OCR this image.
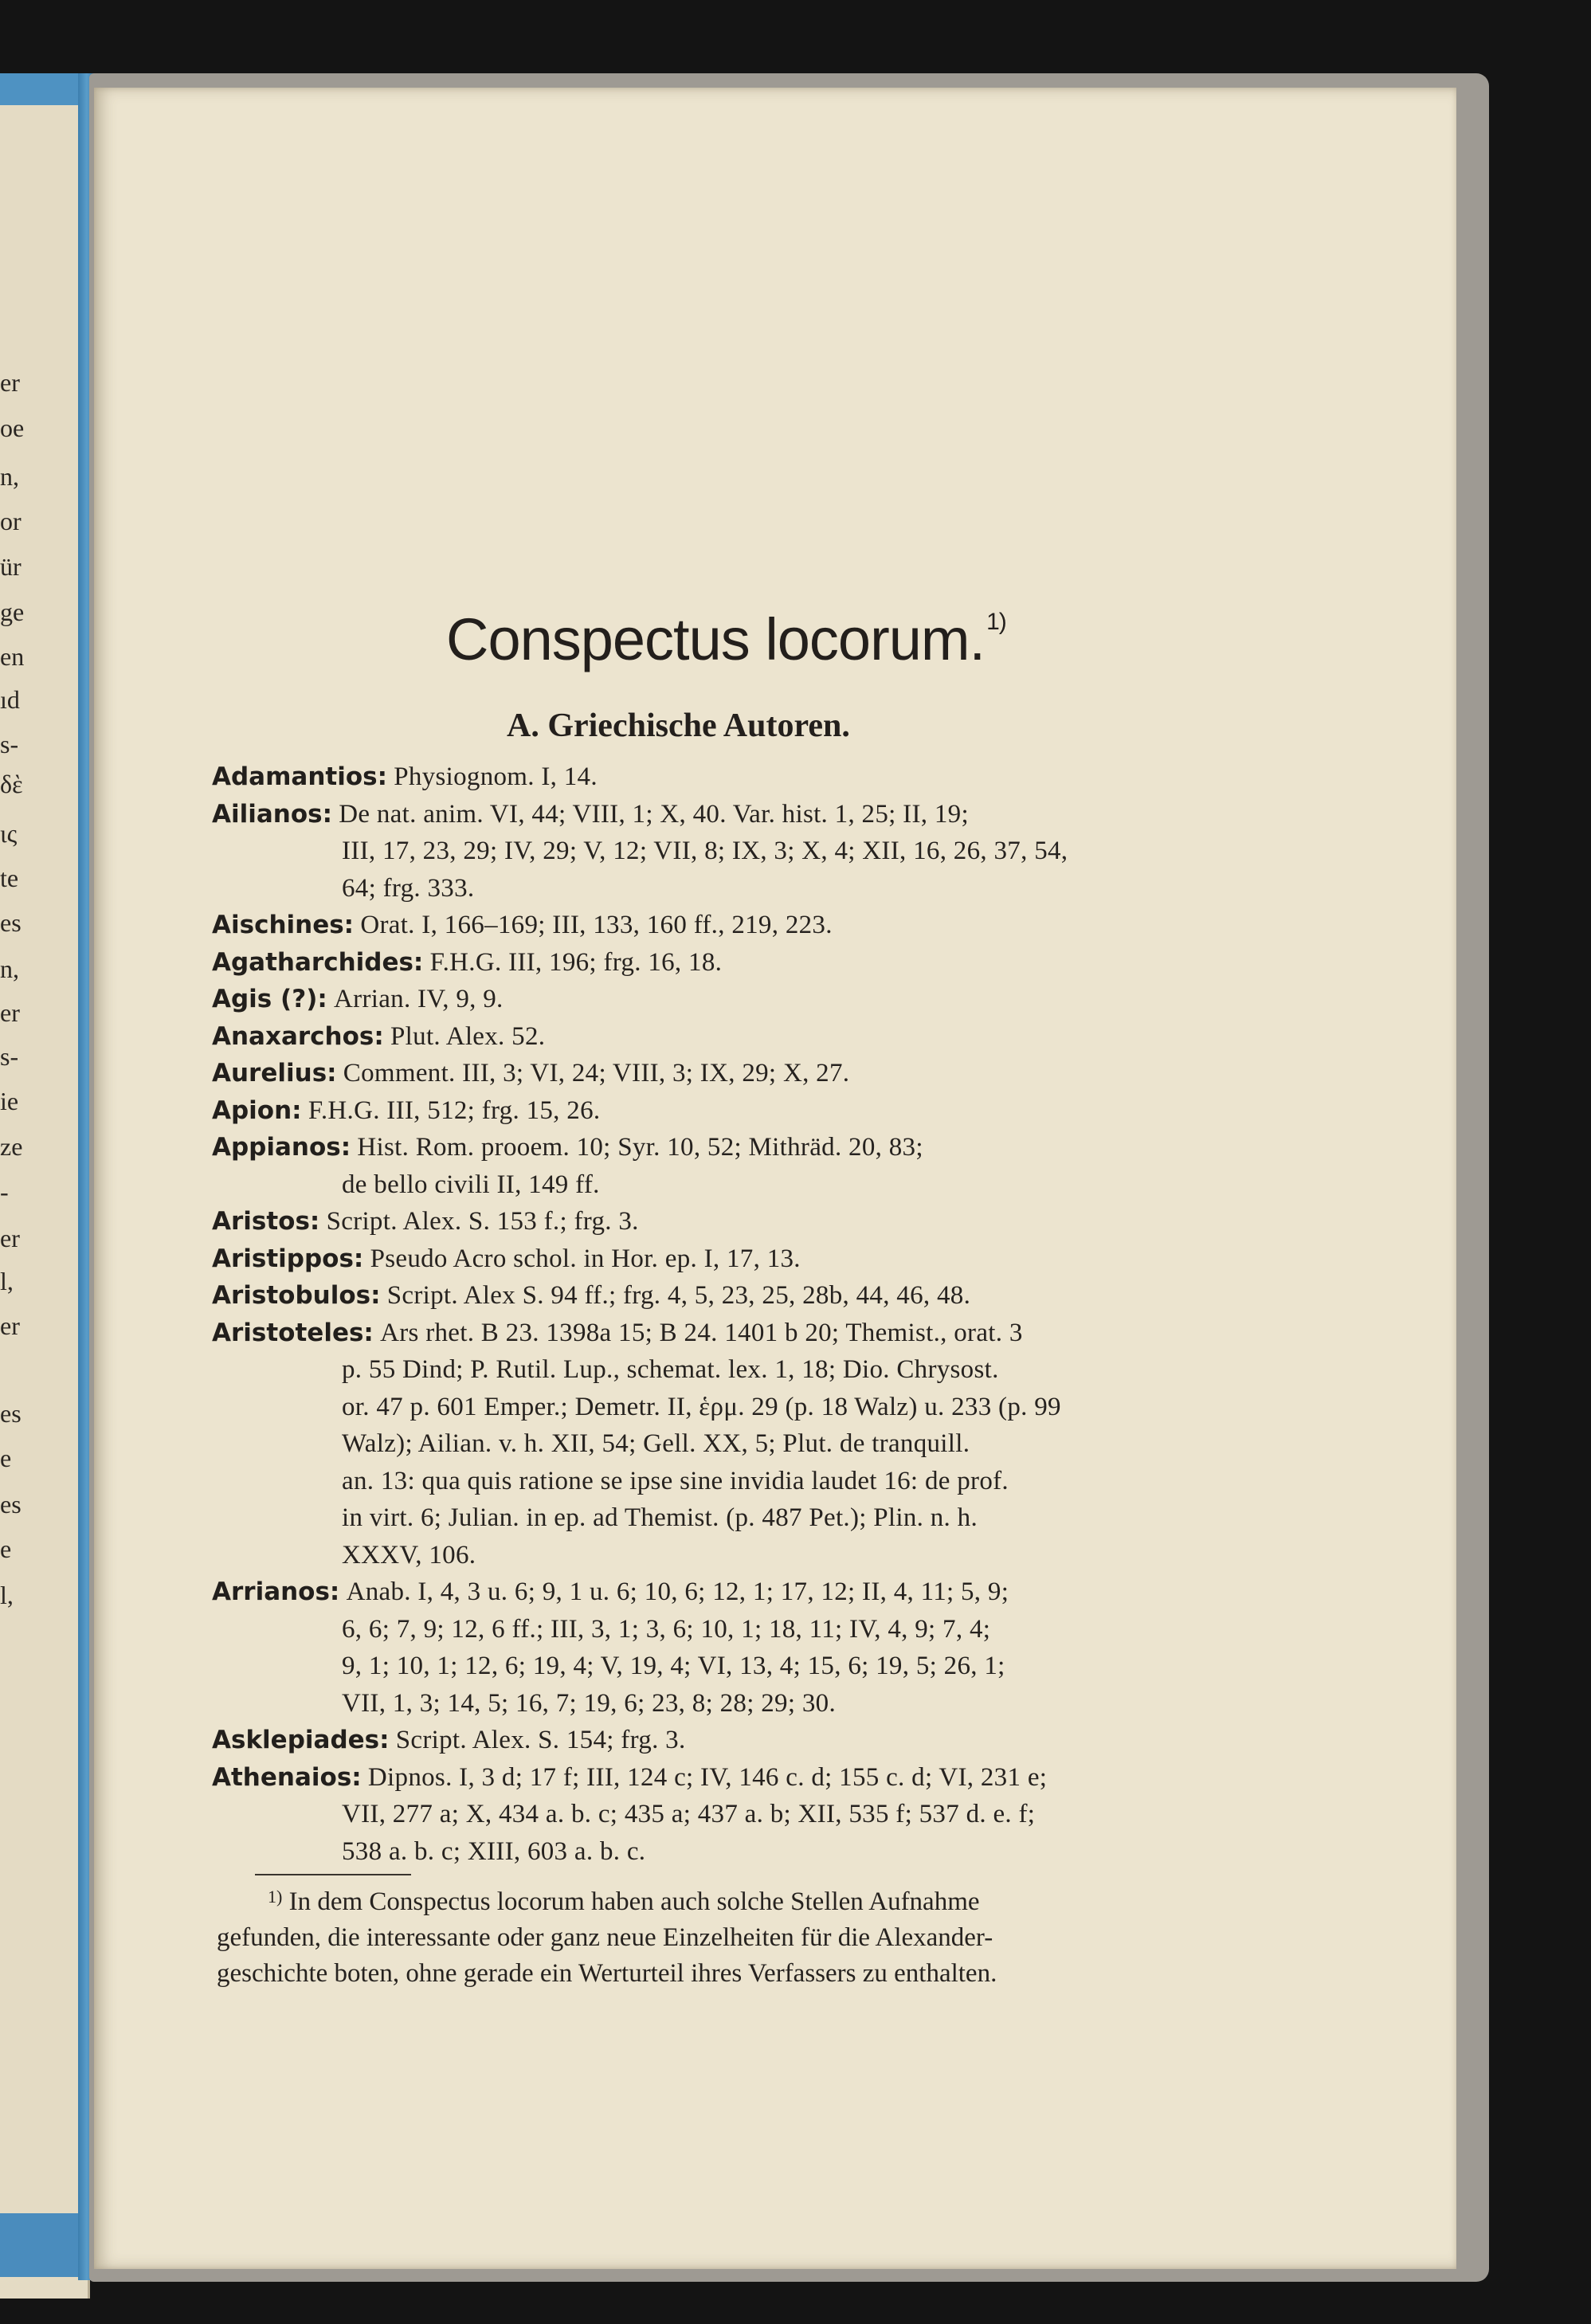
er
oe
n,
or
ür
ge
en
ıd
s-
δὲ
ις
te
es
n,
er
s-
ie
ze
-
er
l,
er
es
e
es
e
l,
Conspectus locorum.$^{1)}$
A. Griechische Autoren.
Adamantios: Physiognom. I, 14.
Ailianos: De nat. anim. VI, 44; VIII, 1; X, 40. Var. hist. 1, 25; II, 19;
III, 17, 23, 29; IV, 29; V, 12; VII, 8; IX, 3; X, 4; XII, 16, 26, 37, 54,
64; frg. 333.
Aischines: Orat. I, 166–169; III, 133, 160 ff., 219, 223.
Agatharchides: F.H.G. III, 196; frg. 16, 18.
Agis (?): Arrian. IV, 9, 9.
Anaxarchos: Plut. Alex. 52.
Aurelius: Comment. III, 3; VI, 24; VIII, 3; IX, 29; X, 27.
Apion: F.H.G. III, 512; frg. 15, 26.
Appianos: Hist. Rom. prooem. 10; Syr. 10, 52; Mithräd. 20, 83;
de bello civili II, 149 ff.
Aristos: Script. Alex. S. 153 f.; frg. 3.
Aristippos: Pseudo Acro schol. in Hor. ep. I, 17, 13.
Aristobulos: Script. Alex S. 94 ff.; frg. 4, 5, 23, 25, 28b, 44, 46, 48.
Aristoteles: Ars rhet. B 23. 1398a 15; B 24. 1401 b 20; Themist., orat. 3
p. 55 Dind; P. Rutil. Lup., schemat. lex. 1, 18; Dio. Chrysost.
or. 47 p. 601 Emper.; Demetr. II, ἑρμ. 29 (p. 18 Walz) u. 233 (p. 99
Walz); Ailian. v. h. XII, 54; Gell. XX, 5; Plut. de tranquill.
an. 13: qua quis ratione se ipse sine invidia laudet 16: de prof.
in virt. 6; Julian. in ep. ad Themist. (p. 487 Pet.); Plin. n. h.
XXXV, 106.
Arrianos: Anab. I, 4, 3 u. 6; 9, 1 u. 6; 10, 6; 12, 1; 17, 12; II, 4, 11; 5, 9;
6, 6; 7, 9; 12, 6 ff.; III, 3, 1; 3, 6; 10, 1; 18, 11; IV, 4, 9; 7, 4;
9, 1; 10, 1; 12, 6; 19, 4; V, 19, 4; VI, 13, 4; 15, 6; 19, 5; 26, 1;
VII, 1, 3; 14, 5; 16, 7; 19, 6; 23, 8; 28; 29; 30.
Asklepiades: Script. Alex. S. 154; frg. 3.
Athenaios: Dipnos. I, 3 d; 17 f; III, 124 c; IV, 146 c. d; 155 c. d; VI, 231 e;
VII, 277 a; X, 434 a. b. c; 435 a; 437 a. b; XII, 535 f; 537 d. e. f;
538 a. b. c; XIII, 603 a. b. c.
$^{1)}$ In dem Conspectus locorum haben auch solche Stellen Aufnahme
gefunden, die interessante oder ganz neue Einzelheiten für die Alexander-
geschichte boten, ohne gerade ein Werturteil ihres Verfassers zu enthalten.
